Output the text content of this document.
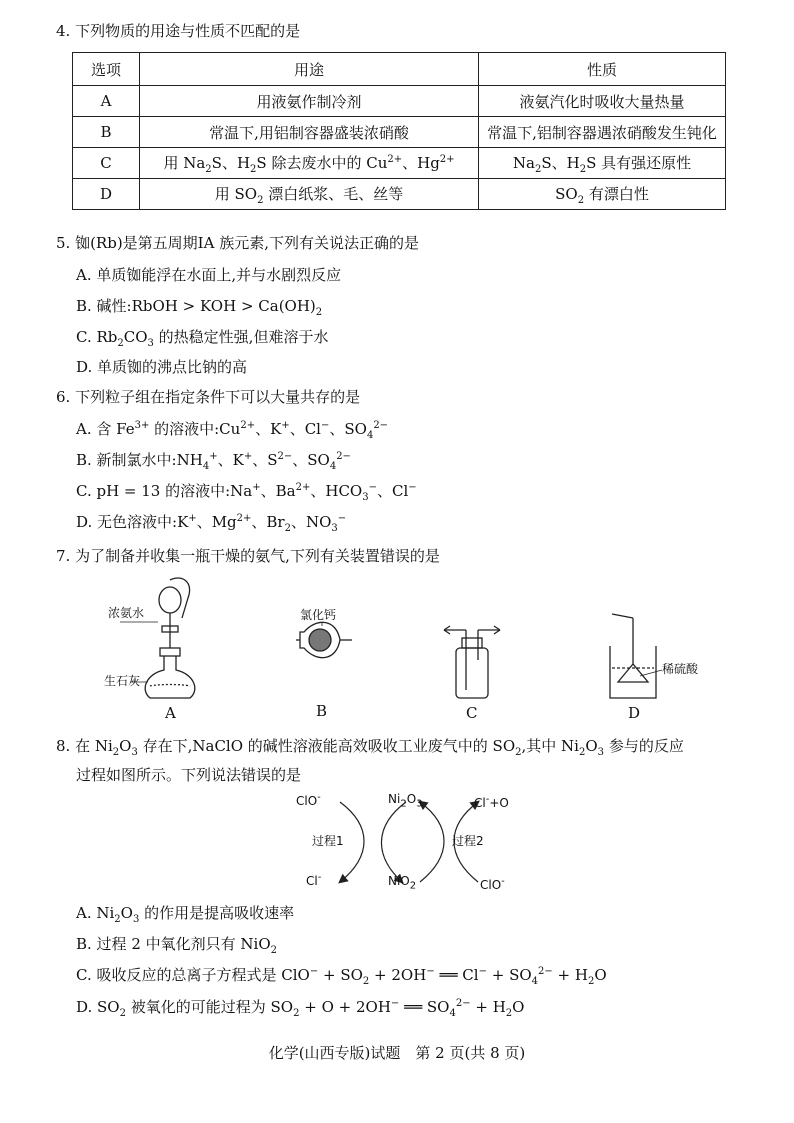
4. 下列物质的用途与性质不匹配的是
选项	用途	性质
A	用液氨作制冷剂	液氨汽化时吸收大量热量
B	常温下,用铝制容器盛装浓硝酸	常温下,铝制容器遇浓硝酸发生钝化
C	用 $Na_2S$、$H_2S$ 除去废水中的 $Cu^{2+}$、$Hg^{2+}$	$Na_2S$、$H_2S$ 具有强还原性
D	用 $SO_2$ 漂白纸浆、毛、丝等	$SO_2$ 有漂白性
5. 铷(Rb)是第五周期ⅠA 族元素,下列有关说法正确的是
A. 单质铷能浮在水面上,并与水剧烈反应
B. 碱性:RbOH > KOH > $Ca(OH)_2$
C. $Rb_2CO_3$ 的热稳定性强,但难溶于水
D. 单质铷的沸点比钠的高
6. 下列粒子组在指定条件下可以大量共存的是
A. 含 $Fe^{3+}$ 的溶液中$:Cu^{2+}$、K+、Cl−、$SO_4^{2-}$
B. 新制氯水中$:NH_4^+$、K+、$S^{2-}$、$SO_4^{2-}$
C. pH = 13 的溶液中:Na+、$Ba^{2+}$、$HCO_3^-$、Cl−
D. 无色溶液中:K+、$Mg^{2+}$、$Br_2$、$NO_3^-$
7. 为了制备并收集一瓶干燥的氨气,下列有关装置错误的是
浓氨水
生石灰
氯化钙
稀硫酸
A	B	C	D
8. 在 $Ni_2O_3$ 存在下,NaClO 的碱性溶液能高效吸收工业废气中的 $SO_2$,其中 $Ni_2O_3$ 参与的反应
过程如图所示。下列说法错误的是
ClO-	$Ni_2O_3$	Cl-+O
过程1	过程2
Cl-	NiO$_2$	ClO-
A. $Ni_2O_3$ 的作用是提高吸收速率
B. 过程 2 中氧化剂只有 NiO$_2$
C. 吸收反应的总离子方程式是 $ClO^- + SO_2 + 2OH^-$ ══ $Cl^- + SO_4^{2-} + H_2O$
D. $SO_2$ 被氧化的可能过程为 $SO_2 + O + 2OH^-$ ══ $SO_4^{2-} + H_2O$
化学(山西专版)试题　第 2 页(共 8 页)
